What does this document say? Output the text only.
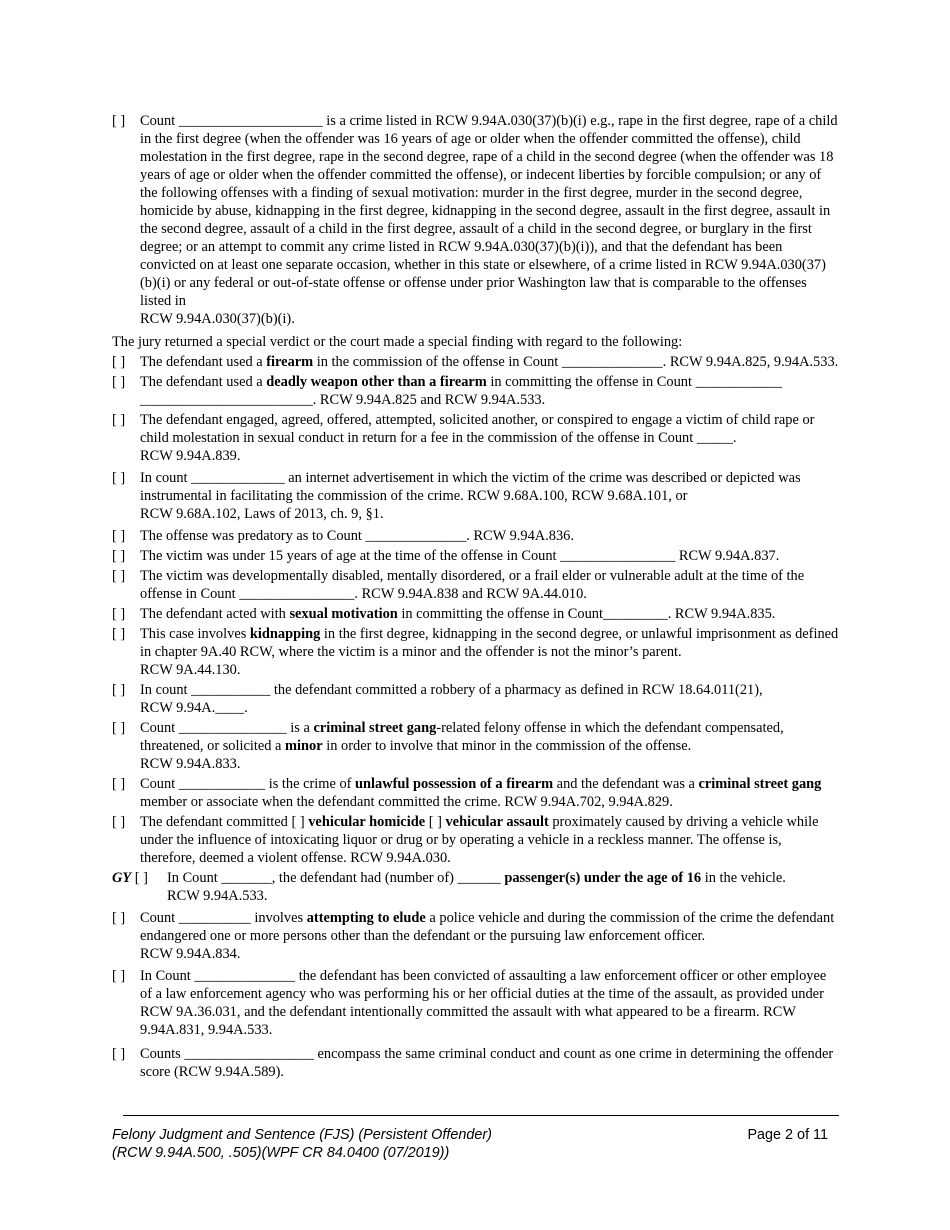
[ ] Count ____________________ is a crime listed in RCW 9.94A.030(37)(b)(i) e.g., rape in the first degree, rape of a child in the first degree (when the offender was 16 years of age or older when the offender committed the offense), child molestation in the first degree, rape in the second degree, rape of a child in the second degree (when the offender was 18 years of age or older when the offender committed the offense), or indecent liberties by forcible compulsion; or any of the following offenses with a finding of sexual motivation: murder in the first degree, murder in the second degree, homicide by abuse, kidnapping in the first degree, kidnapping in the second degree, assault in the first degree, assault in the second degree, assault of a child in the first degree, assault of a child in the second degree, or burglary in the first degree; or an attempt to commit any crime listed in RCW 9.94A.030(37)(b)(i)), and that the defendant has been convicted on at least one separate occasion, whether in this state or elsewhere, of a crime listed in RCW 9.94A.030(37)(b)(i) or any federal or out-of-state offense or offense under prior Washington law that is comparable to the offenses listed in
RCW 9.94A.030(37)(b)(i).
The jury returned a special verdict or the court made a special finding with regard to the following:
[ ] The defendant used a firearm in the commission of the offense in Count ______________. RCW 9.94A.825, 9.94A.533.
[ ] The defendant used a deadly weapon other than a firearm in committing the offense in Count ____________ ________________________. RCW 9.94A.825 and RCW 9.94A.533.
[ ] The defendant engaged, agreed, offered, attempted, solicited another, or conspired to engage a victim of child rape or child molestation in sexual conduct in return for a fee in the commission of the offense in Count _____.
RCW 9.94A.839.
[ ] In count _____________ an internet advertisement in which the victim of the crime was described or depicted was instrumental in facilitating the commission of the crime. RCW 9.68A.100, RCW 9.68A.101, or
RCW 9.68A.102, Laws of 2013, ch. 9, §1.
[ ] The offense was predatory as to Count ______________. RCW 9.94A.836.
[ ] The victim was under 15 years of age at the time of the offense in Count ________________ RCW 9.94A.837.
[ ] The victim was developmentally disabled, mentally disordered, or a frail elder or vulnerable adult at the time of the offense in Count ________________. RCW 9.94A.838 and RCW 9A.44.010.
[ ] The defendant acted with sexual motivation in committing the offense in Count_________. RCW 9.94A.835.
[ ] This case involves kidnapping in the first degree, kidnapping in the second degree, or unlawful imprisonment as defined in chapter 9A.40 RCW, where the victim is a minor and the offender is not the minor’s parent.
RCW 9A.44.130.
[ ] In count ___________ the defendant committed a robbery of a pharmacy as defined in RCW 18.64.011(21),
RCW 9.94A.____.
[ ] Count _______________ is a criminal street gang-related felony offense in which the defendant compensated, threatened, or solicited a minor in order to involve that minor in the commission of the offense.
RCW 9.94A.833.
[ ] Count ____________ is the crime of unlawful possession of a firearm and the defendant was a criminal street gang member or associate when the defendant committed the crime. RCW 9.94A.702, 9.94A.829.
[ ] The defendant committed [ ] vehicular homicide [ ] vehicular assault proximately caused by driving a vehicle while under the influence of intoxicating liquor or drug or by operating a vehicle in a reckless manner. The offense is, therefore, deemed a violent offense. RCW 9.94A.030.
GY [ ] In Count _______, the defendant had (number of) ______ passenger(s) under the age of 16 in the vehicle.
RCW 9.94A.533.
[ ] Count __________ involves attempting to elude a police vehicle and during the commission of the crime the defendant endangered one or more persons other than the defendant or the pursuing law enforcement officer.
RCW 9.94A.834.
[ ] In Count ______________ the defendant has been convicted of assaulting a law enforcement officer or other employee of a law enforcement agency who was performing his or her official duties at the time of the assault, as provided under RCW 9A.36.031, and the defendant intentionally committed the assault with what appeared to be a firearm. RCW 9.94A.831, 9.94A.533.
[ ] Counts __________________ encompass the same criminal conduct and count as one crime in determining the offender score (RCW 9.94A.589).
Felony Judgment and Sentence (FJS) (Persistent Offender)
(RCW 9.94A.500, .505)(WPF CR 84.0400 (07/2019))
Page 2 of 11
